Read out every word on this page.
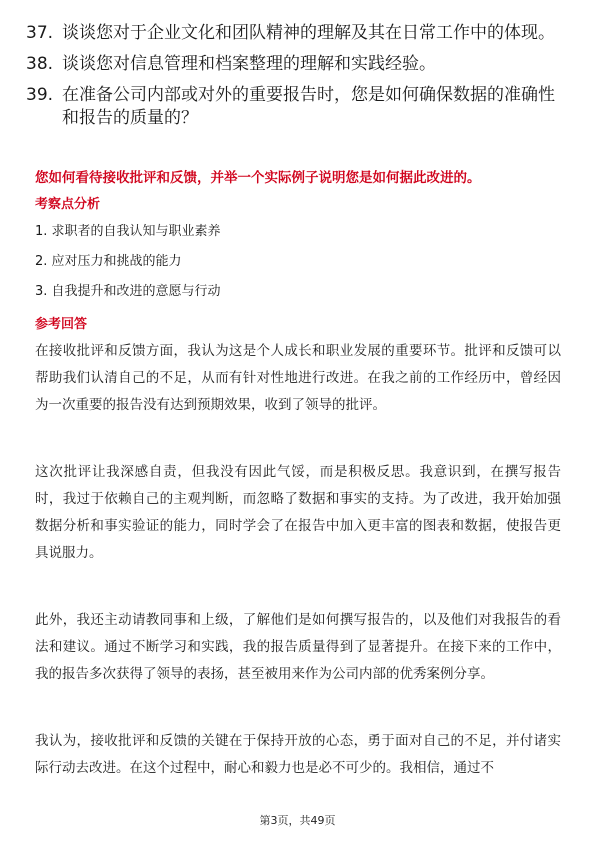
37. 谈谈您对于企业文化和团队精神的理解及其在日常工作中的体现。
38. 谈谈您对信息管理和档案整理的理解和实践经验。
39. 在准备公司内部或对外的重要报告时，您是如何确保数据的准确性和报告的质量的？
您如何看待接收批评和反馈，并举一个实际例子说明您是如何据此改进的。
考察点分析
1. 求职者的自我认知与职业素养
2. 应对压力和挑战的能力
3. 自我提升和改进的意愿与行动
参考回答

在接收批评和反馈方面，我认为这是个人成长和职业发展的重要环节。批评和反馈可以帮助我们认清自己的不足，从而有针对性地进行改进。在我之前的工作经历中，曾经因为一次重要的报告没有达到预期效果，收到了领导的批评。

这次批评让我深感自责，但我没有因此气馁，而是积极反思。我意识到，在撰写报告时，我过于依赖自己的主观判断，而忽略了数据和事实的支持。为了改进，我开始加强数据分析和事实验证的能力，同时学会了在报告中加入更丰富的图表和数据，使报告更具说服力。

此外，我还主动请教同事和上级，了解他们是如何撰写报告的，以及他们对我报告的看法和建议。通过不断学习和实践，我的报告质量得到了显著提升。在接下来的工作中，我的报告多次获得了领导的表扬，甚至被用来作为公司内部的优秀案例分享。

我认为，接收批评和反馈的关键在于保持开放的心态，勇于面对自己的不足，并付诸实际行动去改进。在这个过程中，耐心和毅力也是必不可少的。我相信，通过不

第3页，共49页
